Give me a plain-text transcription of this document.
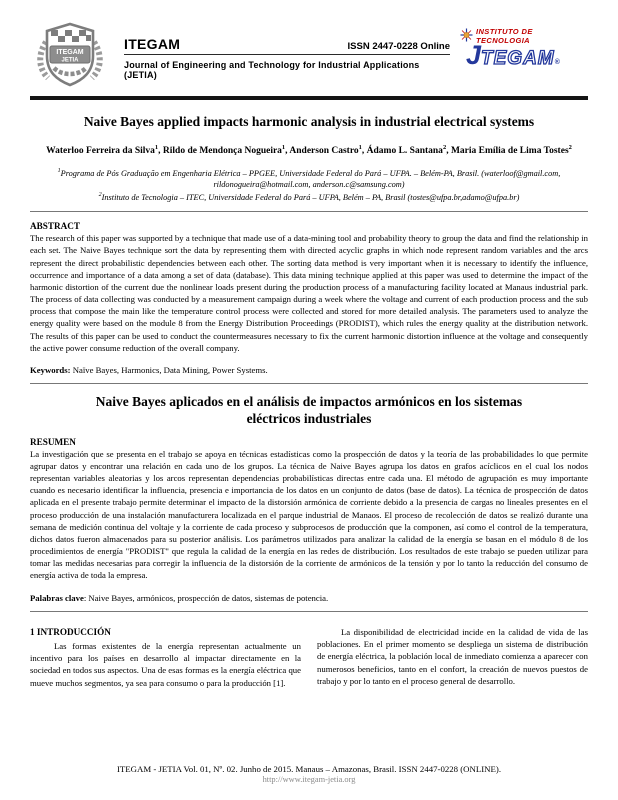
ITEGAM
JETIA
ITEGAM	ISSN 2447-0228 Online
Journal of Engineering and Technology for Industrial Applications (JETIA)
INSTITUTO DE
TECNOLOGIA
JTEGAM®
Naive Bayes applied impacts harmonic analysis in industrial electrical systems
Waterloo Ferreira da Silva$^1$, Rildo de Mendonça Nogueira$^1$, Anderson Castro$^1$, Ádamo L. Santana$^2$, Maria Emília de Lima Tostes$^2$
$^1$Programa de Pós Graduação em Engenharia Elétrica – PPGEE, Universidade Federal do Pará – UFPA. – Belém-PA, Brasil. (waterloof@gmail.com, rildonogueira@hotmail.com, anderson.c@samsung.com)
$^2$Instituto de Tecnologia – ITEC, Universidade Federal do Pará – UFPA, Belém – PA, Brasil (tostes@ufpa.br,adamo@ufpa.br)
ABSTRACT
The research of this paper was supported by a technique that made use of a data-mining tool and probability theory to group the data and find the relationship in each set. The Naive Bayes technique sort the data by representing them with directed acyclic graphs in which node represent random variables and the arcs represent the direct probabilistic dependencies between each other. The sorting data method is very important when it is necessary to identify the influence, occurrence and importance of a data among a set of data (database). This data mining technique applied at this paper was used to determine the impact of the harmonic distortion of the current due the nonlinear loads present during the production process of a manufacturing facility located at Manaus industrial park. The process of data collecting was conducted by a measurement campaign during a week where the voltage and current of each production process and the sub process that compose the main like the temperature control process were collected and stored for more detailed analysis. The parameters used to analyze the energy quality were based on the module 8 from the Energy Distribution Proceedings (PRODIST), which rules the energy quality at the distribution network. The results of this paper can be used to conduct the countermeasures necessary to fix the current harmonic distortion influence at the voltage and consequently the active power consume reduction of the overall company.
Keywords: Naïve Bayes, Harmonics, Data Mining, Power Systems.
Naive Bayes aplicados en el análisis de impactos armónicos en los sistemas eléctricos industriales
RESUMEN
La investigación que se presenta en el trabajo se apoya en técnicas estadísticas como la prospección de datos y la teoría de las probabilidades lo que permite agrupar datos y encontrar una relación en cada uno de los grupos. La técnica de Naive Bayes agrupa los datos en grafos acíclicos en el cual los nodos representan variables aleatorias y los arcos representan dependencias probabilísticas directas entre cada una. El método de agrupación es muy importante cuando es necesario identificar la influencia, presencia e importancia de los datos en un conjunto de datos (base de datos). La técnica de prospección de datos aplicada en el presente trabajo permite determinar el impacto de la distorsión armónica de corriente debido a la presencia de cargas no lineales presentes en el proceso producción de una instalación manufacturera localizada en el parque industrial de Manaos. El proceso de recolección de datos se realizó durante una semana de medición continua del voltaje y la corriente de cada proceso y subprocesos de producción que la componen, así como el control de la temperatura, dichos datos fueron almacenados para su posterior análisis. Los parámetros utilizados para analizar la calidad de la energía se basan en el módulo 8 de los procedimientos de energía "PRODIST" que regula la calidad de la energía en las redes de distribución. Los resultados de este trabajo se pueden utilizar para tomar las medidas necesarias para corregir la influencia de la distorsión de la corriente de armónicos de la tensión y por lo tanto la reducción del consumo de energía activa de toda la empresa.
Palabras clave: Naive Bayes, armónicos, prospección de datos, sistemas de potencia.
1 INTRODUCCIÓN
Las formas existentes de la energía representan actualmente un incentivo para los países en desarrollo al impactar directamente en la sociedad en todos sus aspectos. Una de esas formas es la energía eléctrica que mueve muchos segmentos, ya sea para consumo o para la producción [1].
La disponibilidad de electricidad incide en la calidad de vida de las poblaciones. En el primer momento se despliega un sistema de distribución de energía eléctrica, la población local de inmediato comienza a aparecer con numerosos beneficios, tanto en el confort, la creación de nuevos puestos de trabajo y por lo tanto en el proceso general de desarrollo.
ITEGAM - JETIA Vol. 01, Nº. 02. Junho de 2015. Manaus – Amazonas, Brasil. ISSN 2447-0228 (ONLINE).
http://www.itegam-jetia.org
